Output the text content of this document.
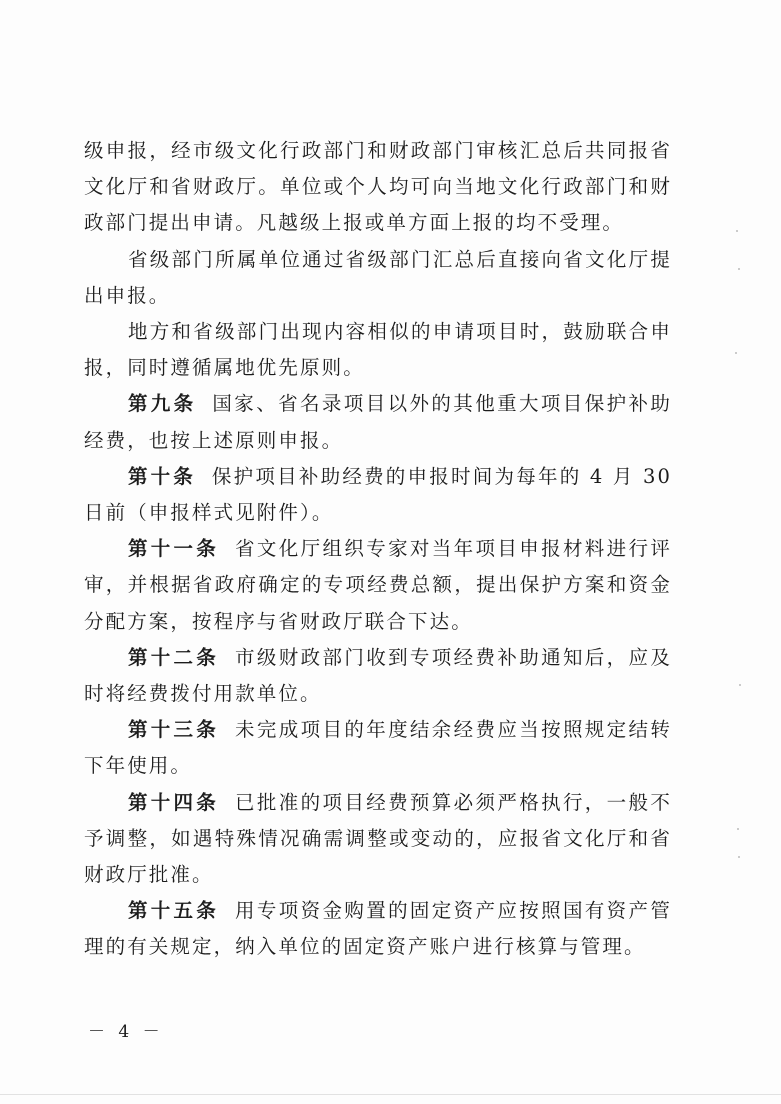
级申报，经市级文化行政部门和财政部门审核汇总后共同报省文化厅和省财政厅。单位或个人均可向当地文化行政部门和财政部门提出申请。凡越级上报或单方面上报的均不受理。

省级部门所属单位通过省级部门汇总后直接向省文化厅提出申报。

地方和省级部门出现内容相似的申请项目时，鼓励联合申报，同时遵循属地优先原则。

第九条 国家、省名录项目以外的其他重大项目保护补助经费，也按上述原则申报。

第十条 保护项目补助经费的申报时间为每年的 4 月 30 日前（申报样式见附件）。

第十一条 省文化厅组织专家对当年项目申报材料进行评审，并根据省政府确定的专项经费总额，提出保护方案和资金分配方案，按程序与省财政厅联合下达。

第十二条 市级财政部门收到专项经费补助通知后，应及时将经费拨付用款单位。

第十三条 未完成项目的年度结余经费应当按照规定结转下年使用。

第十四条 已批准的项目经费预算必须严格执行，一般不予调整，如遇特殊情况确需调整或变动的，应报省文化厅和省财政厅批准。

第十五条 用专项资金购置的固定资产应按照国有资产管理的有关规定，纳入单位的固定资产账户进行核算与管理。

－ 4 －
